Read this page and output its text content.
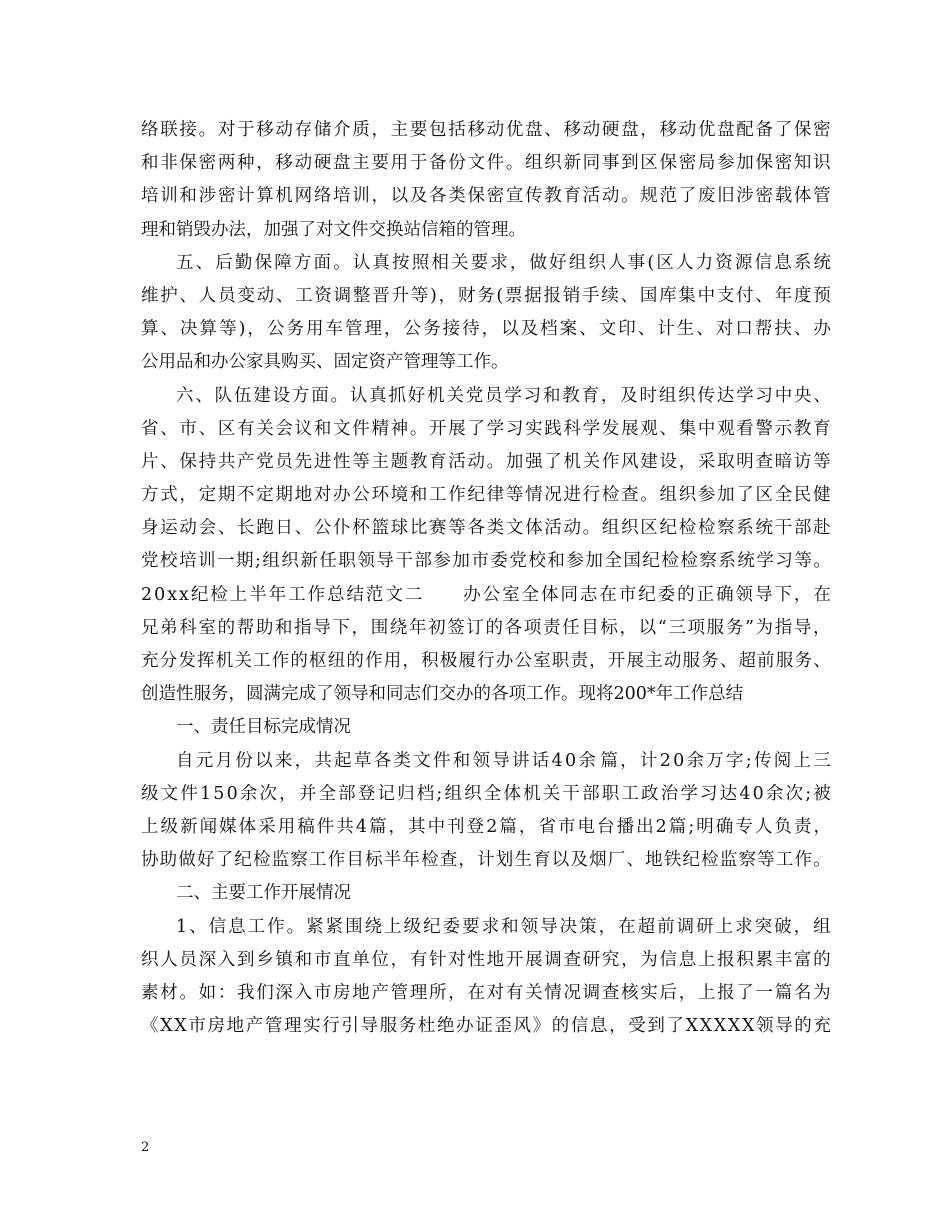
络 联 接 。 对 于 移 动 存 储 介 质 ， 主 要 包 括 移 动 优 盘 、 移 动 硬 盘 ， 移 动 优 盘 配 备 了 保 密
和 非 保 密 两 种 ， 移 动 硬 盘 主 要 用 于 备 份 文 件 。 组 织 新 同 事 到 区 保 密 局 参 加 保 密 知 识
培 训 和 涉 密 计 算 机 网 络 培 训 ， 以 及 各 类 保 密 宣 传 教 育 活 动 。 规 范 了 废 旧 涉 密 载 体 管
理和销毁办法，加强了对文件交换站信箱的管理。
五 、 后 勤 保 障 方 面 。 认 真 按 照 相 关 要 求 ， 做 好 组 织 人 事 ( 区 人 力 资 源 信 息 系 统
维 护 、 人 员 变 动 、 工 资 调 整 晋 升 等 ) ， 财 务 ( 票 据 报 销 手 续 、 国 库 集 中 支 付 、 年 度 预
算 、 决 算 等 ) ， 公 务 用 车 管 理 ， 公 务 接 待 ， 以 及 档 案 、 文 印 、 计 生 、 对 口 帮 扶 、 办
公用品和办公家具购买、固定资产管理等工作。
六 、 队 伍 建 设 方 面 。 认 真 抓 好 机 关 党 员 学 习 和 教 育 ， 及 时 组 织 传 达 学 习 中 央 、
省 、 市 、 区 有 关 会 议 和 文 件 精 神 。 开 展 了 学 习 实 践 科 学 发 展 观 、 集 中 观 看 警 示 教 育
片 、 保 持 共 产 党 员 先 进 性 等 主 题 教 育 活 动 。 加 强 了 机 关 作 风 建 设 ， 采 取 明 查 暗 访 等
方 式 ， 定 期 不 定 期 地 对 办 公 环 境 和 工 作 纪 律 等 情 况 进 行 检 查 。 组 织 参 加 了 区 全 民 健
身 运 动 会 、 长 跑 日 、 公 仆 杯 篮 球 比 赛 等 各 类 文 体 活 动 。 组 织 区 纪 检 检 察 系 统 干 部 赴
党 校 培 训 一 期 ; 组 织 新 任 职 领 导 干 部 参 加 市 委 党 校 和 参 加 全 国 纪 检 检 察 系 统 学 习 等 。
2 0 x x 纪 检 上 半 年 工 作 总 结 范 文 二

　 办 公 室 全 体 同 志 在 市 纪 委 的 正 确 领 导 下 ， 在
兄 弟 科 室 的 帮 助 和 指 导 下 ， 围 绕 年 初 签 订 的 各 项 责 任 目 标 ， 以 “ 三 项 服 务 ” 为 指 导 ，
充 分 发 挥 机 关 工 作 的 枢 纽 的 作 用 ， 积 极 履 行 办 公 室 职 责 ， 开 展 主 动 服 务 、 超 前 服 务 、
创造性服务，圆满完成了领导和同志们交办的各项工作。现将200*年工作总结
一、责任目标完成情况
自 元 月 份 以 来 ， 共 起 草 各 类 文 件 和 领 导 讲 话 4 0 余 篇 ， 计 2 0 余 万 字 ; 传 阅 上 三
级 文 件 1 5 0 余 次 ， 并 全 部 登 记 归 档 ; 组 织 全 体 机 关 干 部 职 工 政 治 学 习 达 4 0 余 次 ; 被
上 级 新 闻 媒 体 采 用 稿 件 共 4 篇 ， 其 中 刊 登 2 篇 ， 省 市 电 台 播 出 2 篇 ; 明 确 专 人 负 责 ，
协 助 做 好 了 纪 检 监 察 工 作 目 标 半 年 检 查 ， 计 划 生 育 以 及 烟 厂 、 地 铁 纪 检 监 察 等 工 作 。
二、主要工作开展情况
1 、 信 息 工 作 。 紧 紧 围 绕 上 级 纪 委 要 求 和 领 导 决 策 ， 在 超 前 调 研 上 求 突 破 ， 组
织 人 员 深 入 到 乡 镇 和 市 直 单 位 ， 有 针 对 性 地 开 展 调 查 研 究 ， 为 信 息 上 报 积 累 丰 富 的
素 材 。 如 ： 我 们 深 入 市 房 地 产 管 理 所 ， 在 对 有 关 情 况 调 查 核 实 后 ， 上 报 了 一 篇 名 为
《 X X 市 房 地 产 管 理 实 行 引 导 服 务 杜 绝 办 证 歪 风 》 的 信 息 ， 受 到 了 X X X X X 领 导 的 充
2
